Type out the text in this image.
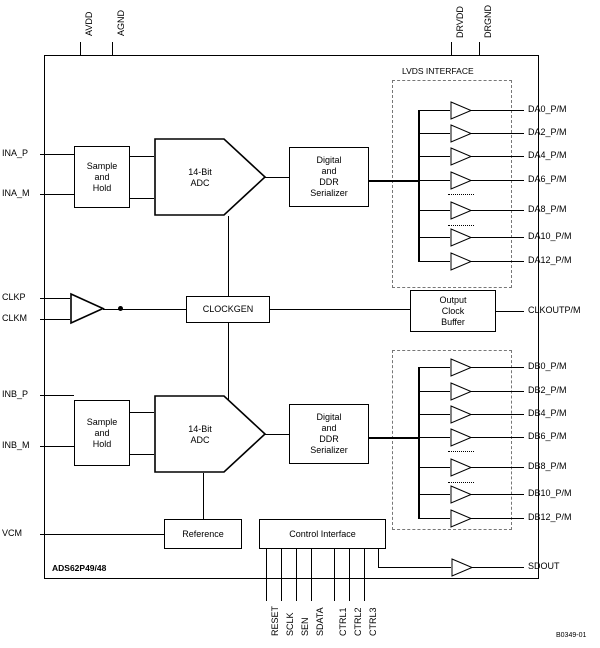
AVDD AGND	DRVDD DRGND
ADS62P49/48
LVDS INTERFACE
INA_P
INA_M
Sample
and
Hold
14-Bit
ADC
Digital
and
DDR
Serializer
DA0_P/M
DA2_P/M
DA4_P/M
DA6_P/M
DA8_P/M
DA10_P/M
DA12_P/M
CLKP
CLKM
CLOCKGEN
Output
Clock
Buffer
CLKOUTP/M
INB_P
INB_M
Sample
and
Hold
14-Bit
ADC
Digital
and
DDR
Serializer
DB0_P/M
DB2_P/M
DB4_P/M
DB6_P/M
DB8_P/M
DB10_P/M
DB12_P/M
VCM	Reference	Control Interface
RESET SCLK SEN SDATA CTRL1 CTRL2 CTRL3
SDOUT
B0349-01
